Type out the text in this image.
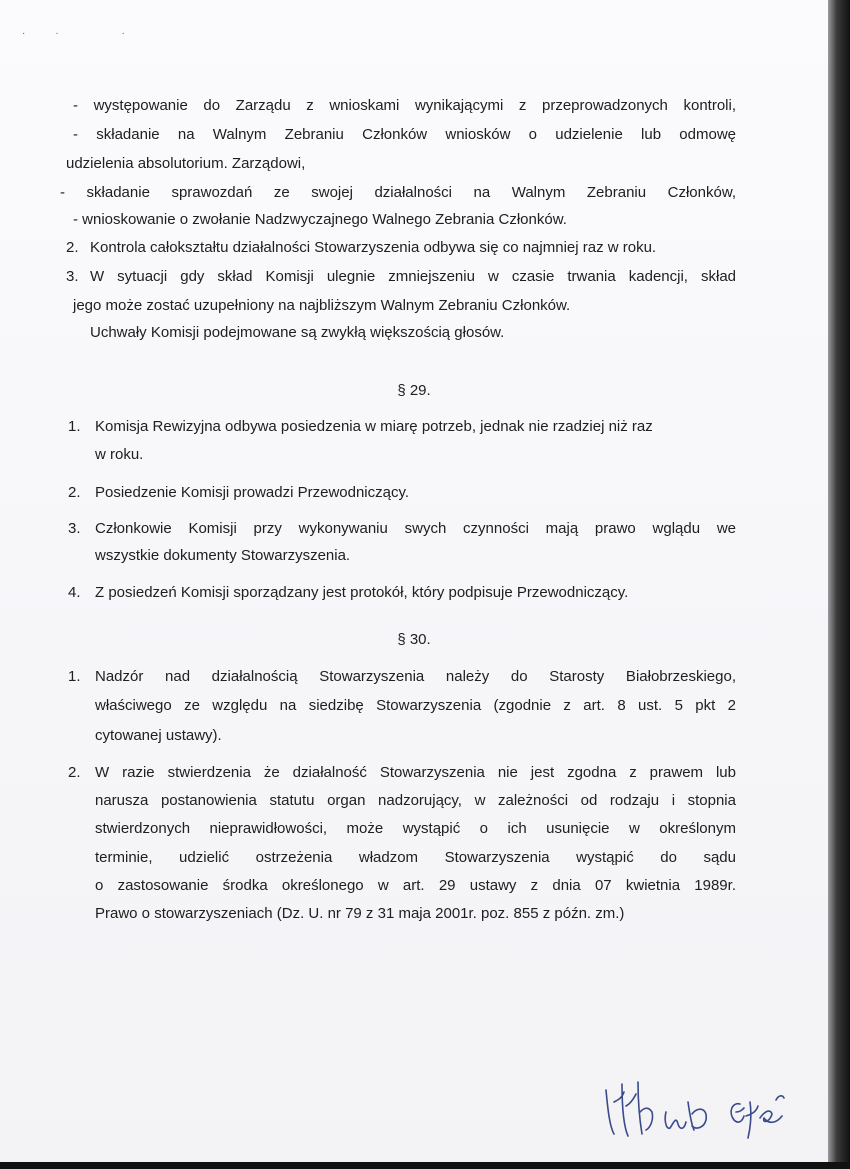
·· ·
- występowanie do Zarządu z wnioskami wynikającymi z przeprowadzonych kontroli,
- składanie na Walnym Zebraniu Członków wniosków o udzielenie lub odmowę
udzielenia absolutorium. Zarządowi,
- składanie sprawozdań ze swojej działalności na Walnym Zebraniu Członków,
- wnioskowanie o zwołanie Nadzwyczajnego Walnego Zebrania Członków.
2. Kontrola całokształtu działalności Stowarzyszenia odbywa się co najmniej raz w roku.
3. W sytuacji gdy skład Komisji ulegnie zmniejszeniu w czasie trwania kadencji, skład
jego może zostać uzupełniony na najbliższym Walnym Zebraniu Członków.
Uchwały Komisji podejmowane są zwykłą większością głosów.
§ 29.
1. Komisja Rewizyjna odbywa posiedzenia w miarę potrzeb, jednak nie rzadziej niż raz
w roku.
2. Posiedzenie Komisji prowadzi Przewodniczący.
3. Członkowie Komisji przy wykonywaniu swych czynności mają prawo wglądu we
wszystkie dokumenty Stowarzyszenia.
4. Z posiedzeń Komisji sporządzany jest protokół, który podpisuje Przewodniczący.
§ 30.
1. Nadzór nad działalnością Stowarzyszenia należy do Starosty Białobrzeskiego,
właściwego ze względu na siedzibę Stowarzyszenia (zgodnie z art. 8 ust. 5 pkt 2
cytowanej ustawy).
2. W razie stwierdzenia że działalność Stowarzyszenia nie jest zgodna z prawem lub
narusza postanowienia statutu organ nadzorujący, w zależności od rodzaju i stopnia
stwierdzonych nieprawidłowości, może wystąpić o ich usunięcie w określonym
terminie, udzielić ostrzeżenia władzom Stowarzyszenia wystąpić do sądu
o zastosowanie środka określonego w art. 29 ustawy z dnia 07 kwietnia 1989r.
Prawo o stowarzyszeniach (Dz. U. nr 79 z 31 maja 2001r. poz. 855 z późn. zm.)
